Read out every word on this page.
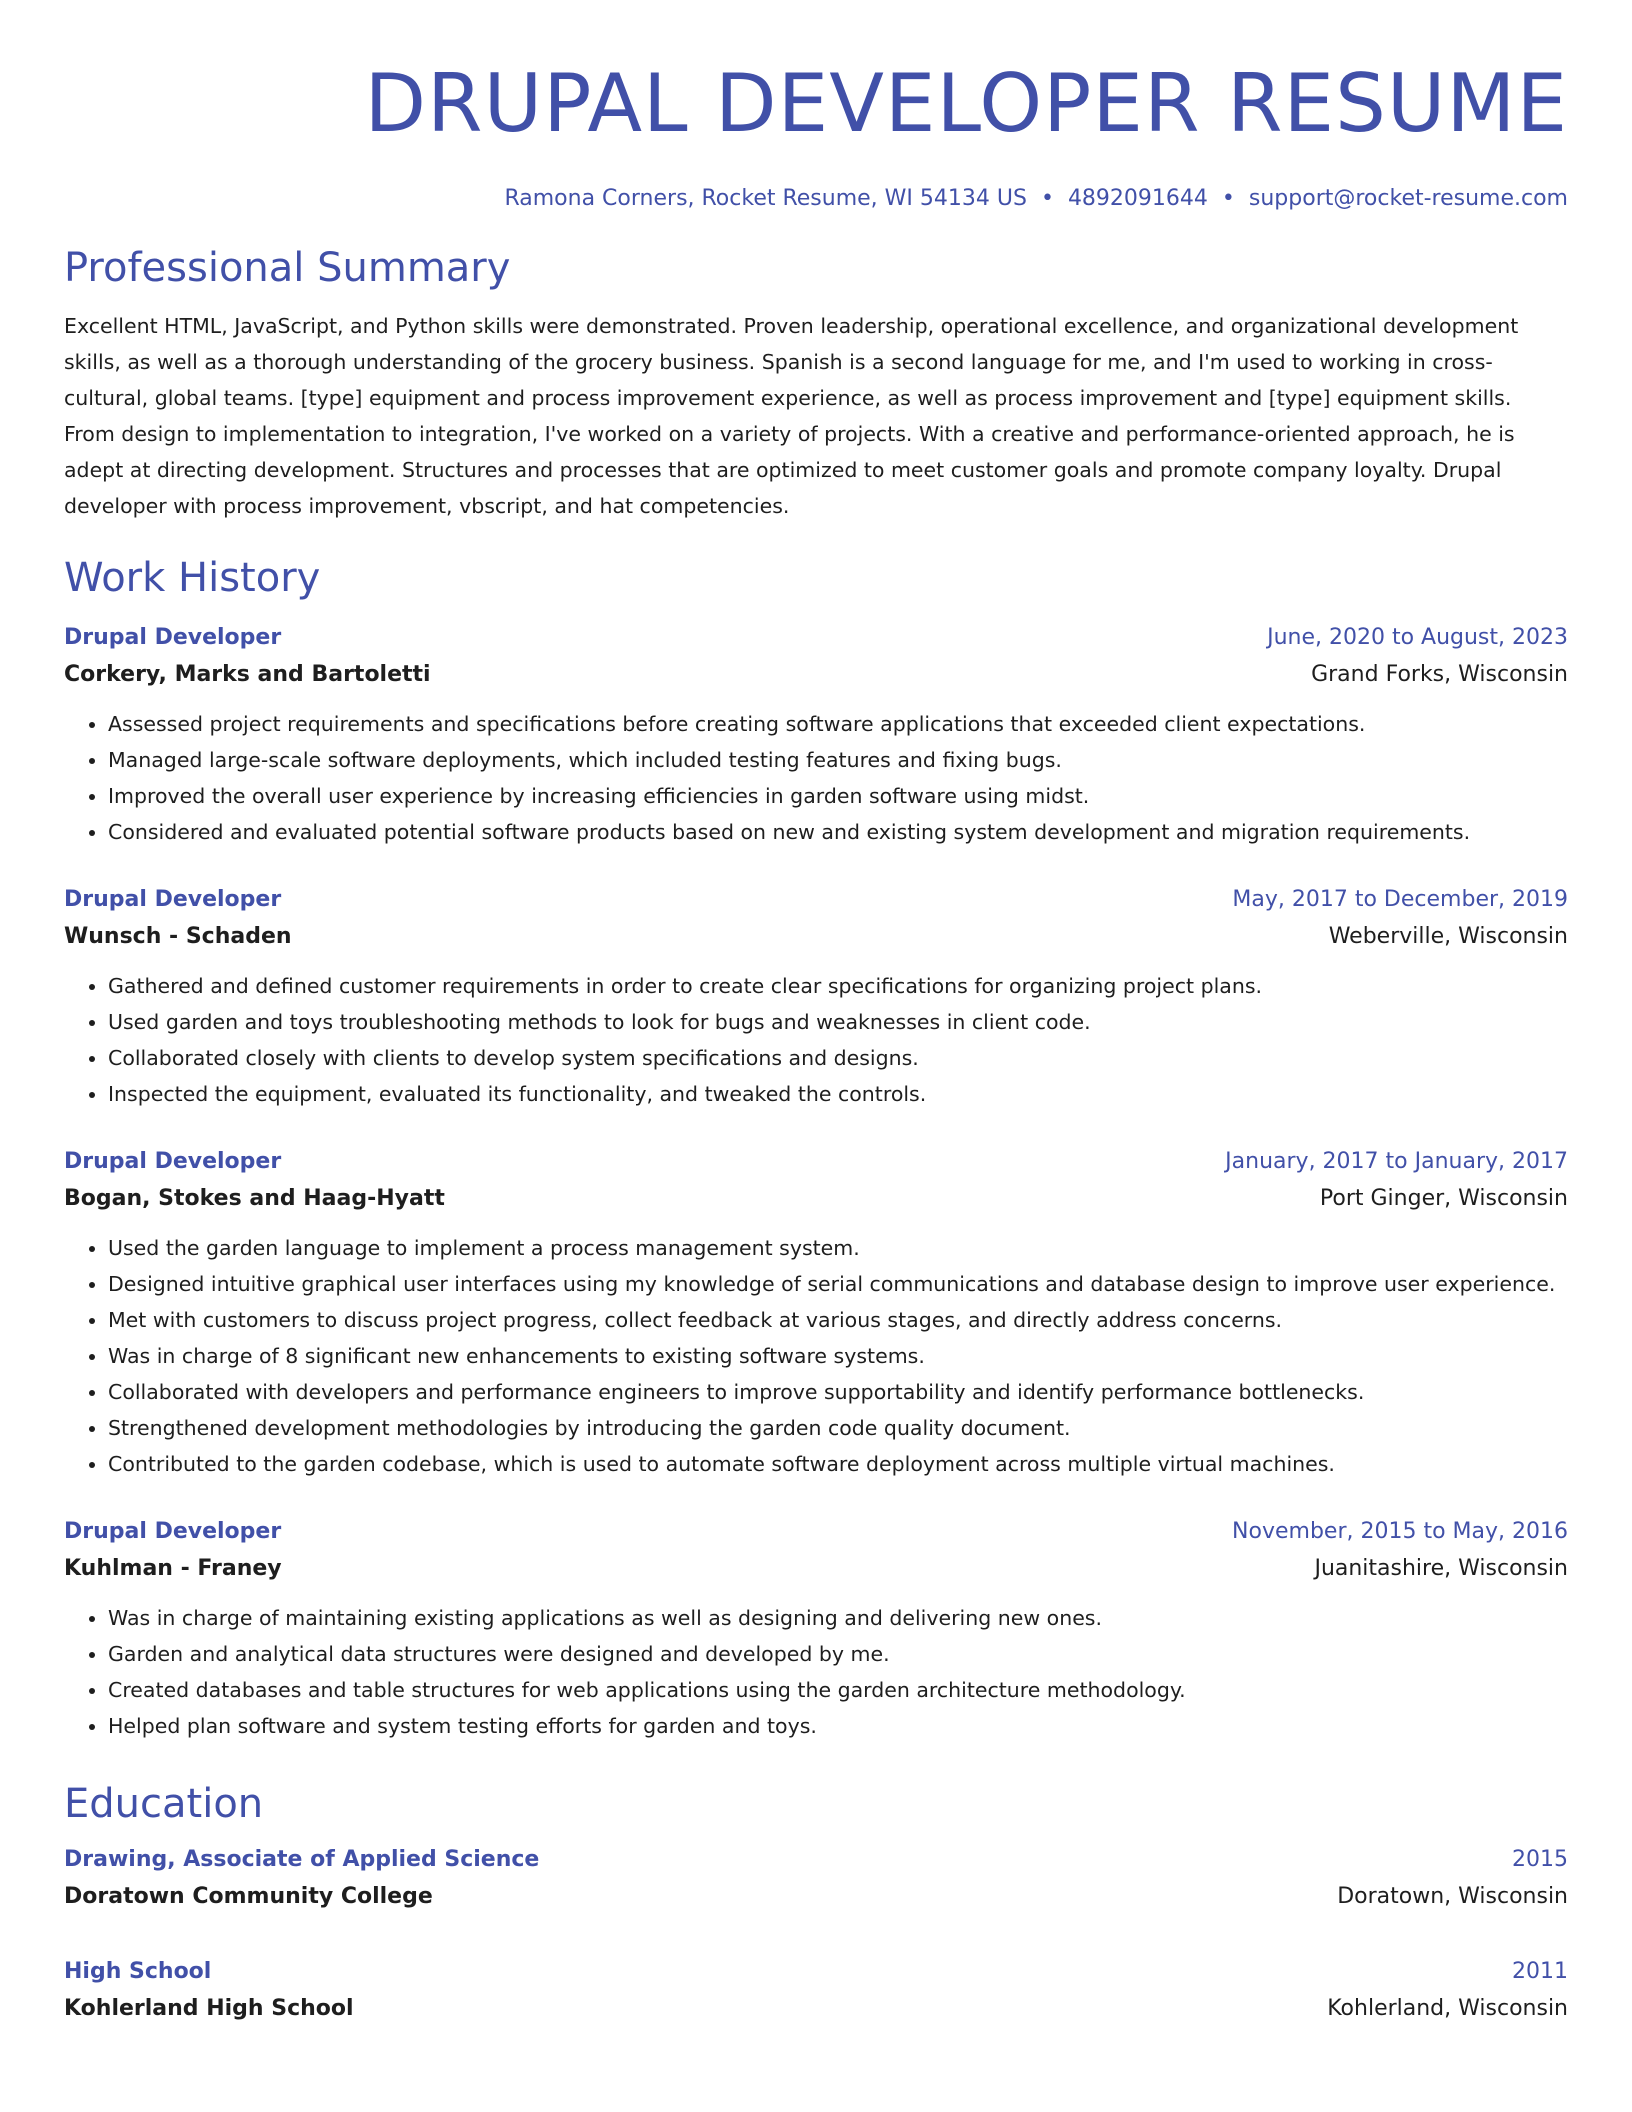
DRUPAL DEVELOPER RESUME
Ramona Corners, Rocket Resume, WI 54134 US • 4892091644 • support@rocket-resume.com
Professional Summary

Excellent HTML, JavaScript, and Python skills were demonstrated. Proven leadership, operational excellence, and organizational development skills, as well as a thorough understanding of the grocery business. Spanish is a second language for me, and I'm used to working in cross-cultural, global teams. [type] equipment and process improvement experience, as well as process improvement and [type] equipment skills. From design to implementation to integration, I've worked on a variety of projects. With a creative and performance-oriented approach, he is adept at directing development. Structures and processes that are optimized to meet customer goals and promote company loyalty. Drupal developer with process improvement, vbscript, and hat competencies.

Work History
Drupal Developer	June, 2020 to August, 2023
Corkery, Marks and Bartoletti	Grand Forks, Wisconsin
• Assessed project requirements and specifications before creating software applications that exceeded client expectations.
• Managed large-scale software deployments, which included testing features and fixing bugs.
• Improved the overall user experience by increasing efficiencies in garden software using midst.
• Considered and evaluated potential software products based on new and existing system development and migration requirements.
Drupal Developer	May, 2017 to December, 2019
Wunsch - Schaden	Weberville, Wisconsin
• Gathered and defined customer requirements in order to create clear specifications for organizing project plans.
• Used garden and toys troubleshooting methods to look for bugs and weaknesses in client code.
• Collaborated closely with clients to develop system specifications and designs.
• Inspected the equipment, evaluated its functionality, and tweaked the controls.
Drupal Developer	January, 2017 to January, 2017
Bogan, Stokes and Haag-Hyatt	Port Ginger, Wisconsin
• Used the garden language to implement a process management system.
• Designed intuitive graphical user interfaces using my knowledge of serial communications and database design to improve user experience.
• Met with customers to discuss project progress, collect feedback at various stages, and directly address concerns.
• Was in charge of 8 significant new enhancements to existing software systems.
• Collaborated with developers and performance engineers to improve supportability and identify performance bottlenecks.
• Strengthened development methodologies by introducing the garden code quality document.
• Contributed to the garden codebase, which is used to automate software deployment across multiple virtual machines.
Drupal Developer	November, 2015 to May, 2016
Kuhlman - Franey	Juanitashire, Wisconsin
• Was in charge of maintaining existing applications as well as designing and delivering new ones.
• Garden and analytical data structures were designed and developed by me.
• Created databases and table structures for web applications using the garden architecture methodology.
• Helped plan software and system testing efforts for garden and toys.
Education
Drawing, Associate of Applied Science	2015
Doratown Community College	Doratown, Wisconsin
High School	2011
Kohlerland High School	Kohlerland, Wisconsin
